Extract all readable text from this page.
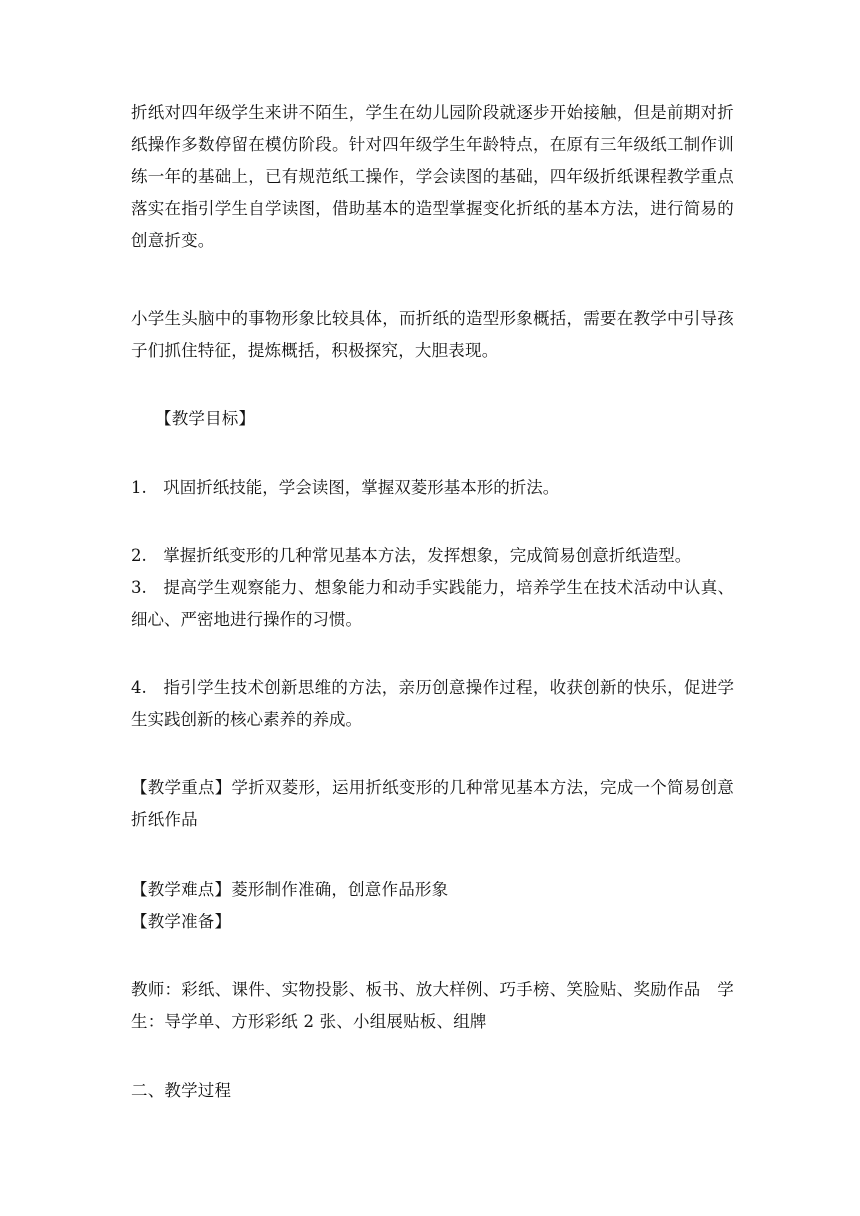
折纸对四年级学生来讲不陌生，学生在幼儿园阶段就逐步开始接触，但是前期对折纸操作多数停留在模仿阶段。针对四年级学生年龄特点，在原有三年级纸工制作训练一年的基础上，已有规范纸工操作，学会读图的基础，四年级折纸课程教学重点落实在指引学生自学读图，借助基本的造型掌握变化折纸的基本方法，进行简易的创意折变。
小学生头脑中的事物形象比较具体，而折纸的造型形象概括，需要在教学中引导孩子们抓住特征，提炼概括，积极探究，大胆表现。
【教学目标】
1.  巩固折纸技能，学会读图，掌握双菱形基本形的折法。
2.  掌握折纸变形的几种常见基本方法，发挥想象，完成简易创意折纸造型。
3.  提高学生观察能力、想象能力和动手实践能力，培养学生在技术活动中认真、细心、严密地进行操作的习惯。
4.  指引学生技术创新思维的方法，亲历创意操作过程，收获创新的快乐，促进学生实践创新的核心素养的养成。
【教学重点】学折双菱形，运用折纸变形的几种常见基本方法，完成一个简易创意折纸作品
【教学难点】菱形制作准确，创意作品形象
【教学准备】
教师：彩纸、课件、实物投影、板书、放大样例、巧手榜、笑脸贴、奖励作品　学生：导学单、方形彩纸 2 张、小组展贴板、组牌
二、教学过程
